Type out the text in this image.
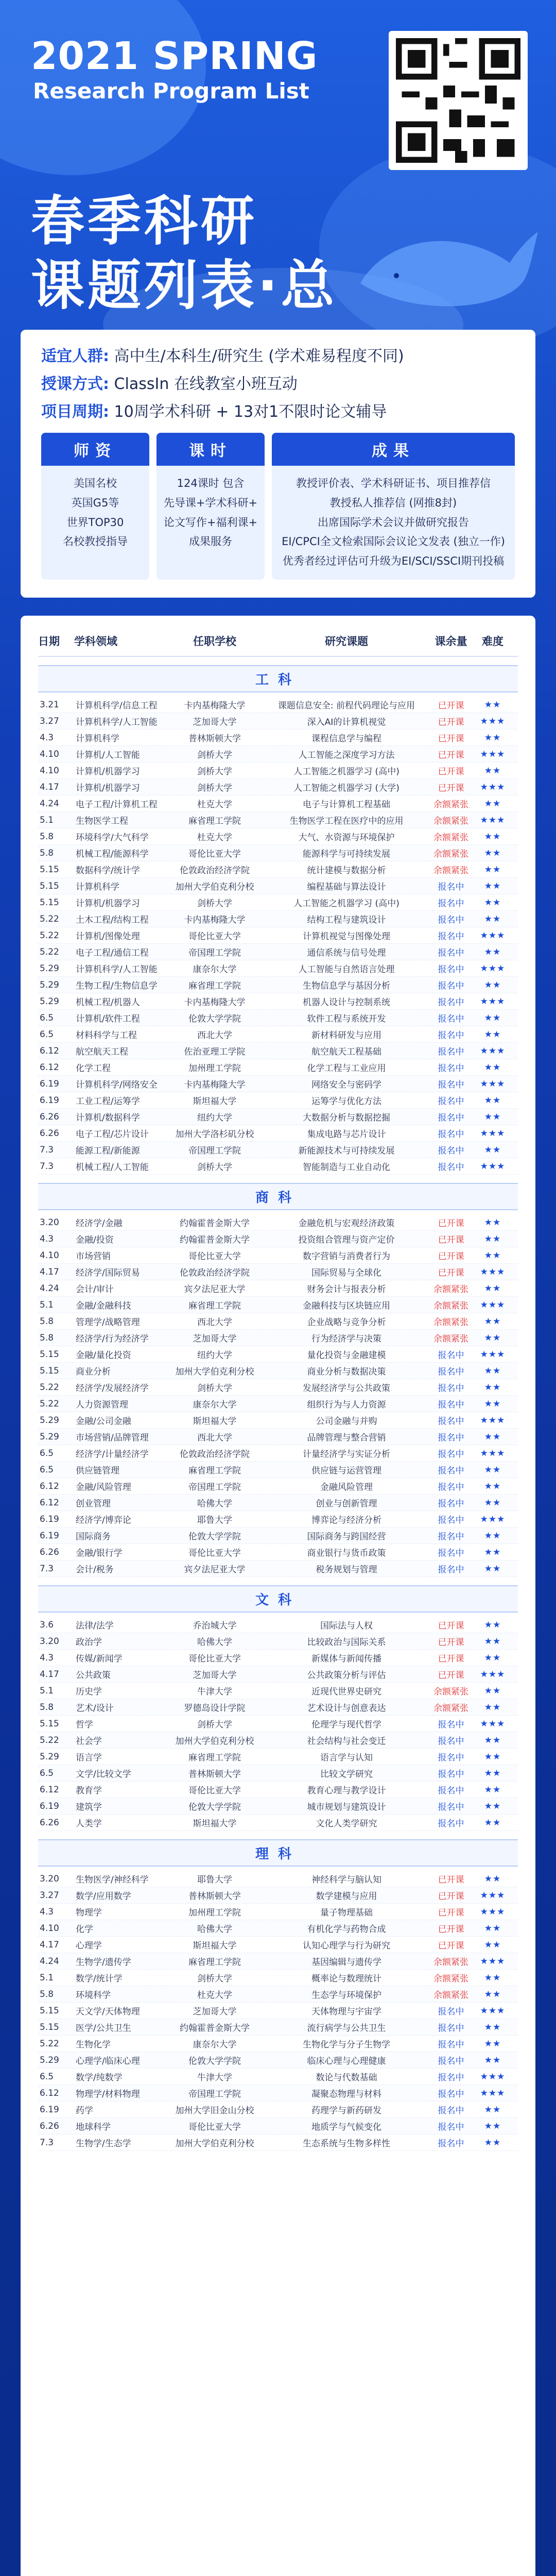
2021 SPRING
Research Program List
春季科研
课题列表·总
适宜人群: 高中生/本科生/研究生 (学术难易程度不同)
授课方式: ClassIn 在线教室小班互动
项目周期: 10周学术科研 + 13对1不限时论文辅导
师资
美国名校
英国G5等
世界TOP30
名校教授指导
课时
124课时 包含
先导课+学术科研+
论文写作+福利课+
成果服务
成果
教授评价表、学术科研证书、项目推荐信
教授私人推荐信 (网推8封)
出席国际学术会议并做研究报告
EI/CPCI全文检索国际会议论文发表 (独立一作)
优秀者经过评估可升级为EI/SCI/SSCI期刊投稿
日期	学科领域	任职学校	研究课题	课余量	难度
工科
3.21	计算机科学/信息工程	卡内基梅隆大学	课题信息安全: 前程代码理论与应用	已开课	★★
3.27	计算机科学/人工智能	芝加哥大学	深入AI的计算机视觉	已开课	★★★
4.3	计算机科学	普林斯顿大学	课程信息学与编程	已开课	★★
4.10	计算机/人工智能	剑桥大学	人工智能之深度学习方法	已开课	★★★
4.10	计算机/机器学习	剑桥大学	人工智能之机器学习 (高中)	已开课	★★
4.17	计算机/机器学习	剑桥大学	人工智能之机器学习 (大学)	已开课	★★★
4.24	电子工程/计算机工程	杜克大学	电子与计算机工程基础	余额紧张	★★
5.1	生物医学工程	麻省理工学院	生物医学工程在医疗中的应用	余额紧张	★★★
5.8	环境科学/大气科学	杜克大学	大气、水资源与环境保护	余额紧张	★★
5.8	机械工程/能源科学	哥伦比亚大学	能源科学与可持续发展	余额紧张	★★
5.15	数据科学/统计学	伦敦政治经济学院	统计建模与数据分析	余额紧张	★★
5.15	计算机科学	加州大学伯克利分校	编程基础与算法设计	报名中	★★
5.15	计算机/机器学习	剑桥大学	人工智能之机器学习 (高中)	报名中	★★
5.22	土木工程/结构工程	卡内基梅隆大学	结构工程与建筑设计	报名中	★★
5.22	计算机/图像处理	哥伦比亚大学	计算机视觉与图像处理	报名中	★★★
5.22	电子工程/通信工程	帝国理工学院	通信系统与信号处理	报名中	★★
5.29	计算机科学/人工智能	康奈尔大学	人工智能与自然语言处理	报名中	★★★
5.29	生物工程/生物信息学	麻省理工学院	生物信息学与基因分析	报名中	★★
5.29	机械工程/机器人	卡内基梅隆大学	机器人设计与控制系统	报名中	★★★
6.5	计算机/软件工程	伦敦大学学院	软件工程与系统开发	报名中	★★
6.5	材料科学与工程	西北大学	新材料研发与应用	报名中	★★
6.12	航空航天工程	佐治亚理工学院	航空航天工程基础	报名中	★★★
6.12	化学工程	加州理工学院	化学工程与工业应用	报名中	★★
6.19	计算机科学/网络安全	卡内基梅隆大学	网络安全与密码学	报名中	★★★
6.19	工业工程/运筹学	斯坦福大学	运筹学与优化方法	报名中	★★
6.26	计算机/数据科学	纽约大学	大数据分析与数据挖掘	报名中	★★
6.26	电子工程/芯片设计	加州大学洛杉矶分校	集成电路与芯片设计	报名中	★★★
7.3	能源工程/新能源	帝国理工学院	新能源技术与可持续发展	报名中	★★
7.3	机械工程/人工智能	剑桥大学	智能制造与工业自动化	报名中	★★★
商科
3.20	经济学/金融	约翰霍普金斯大学	金融危机与宏观经济政策	已开课	★★
4.3	金融/投资	约翰霍普金斯大学	投资组合管理与资产定价	已开课	★★
4.10	市场营销	哥伦比亚大学	数字营销与消费者行为	已开课	★★
4.17	经济学/国际贸易	伦敦政治经济学院	国际贸易与全球化	已开课	★★★
4.24	会计/审计	宾夕法尼亚大学	财务会计与报表分析	余额紧张	★★
5.1	金融/金融科技	麻省理工学院	金融科技与区块链应用	余额紧张	★★★
5.8	管理学/战略管理	西北大学	企业战略与竞争分析	余额紧张	★★
5.8	经济学/行为经济学	芝加哥大学	行为经济学与决策	余额紧张	★★
5.15	金融/量化投资	纽约大学	量化投资与金融建模	报名中	★★★
5.15	商业分析	加州大学伯克利分校	商业分析与数据决策	报名中	★★
5.22	经济学/发展经济学	剑桥大学	发展经济学与公共政策	报名中	★★
5.22	人力资源管理	康奈尔大学	组织行为与人力资源	报名中	★★
5.29	金融/公司金融	斯坦福大学	公司金融与并购	报名中	★★★
5.29	市场营销/品牌管理	西北大学	品牌管理与整合营销	报名中	★★
6.5	经济学/计量经济学	伦敦政治经济学院	计量经济学与实证分析	报名中	★★★
6.5	供应链管理	麻省理工学院	供应链与运营管理	报名中	★★
6.12	金融/风险管理	帝国理工学院	金融风险管理	报名中	★★
6.12	创业管理	哈佛大学	创业与创新管理	报名中	★★
6.19	经济学/博弈论	耶鲁大学	博弈论与经济分析	报名中	★★★
6.19	国际商务	伦敦大学学院	国际商务与跨国经营	报名中	★★
6.26	金融/银行学	哥伦比亚大学	商业银行与货币政策	报名中	★★
7.3	会计/税务	宾夕法尼亚大学	税务规划与管理	报名中	★★
文科
3.6	法律/法学	乔治城大学	国际法与人权	已开课	★★
3.20	政治学	哈佛大学	比较政治与国际关系	已开课	★★
4.3	传媒/新闻学	哥伦比亚大学	新媒体与新闻传播	已开课	★★
4.17	公共政策	芝加哥大学	公共政策分析与评估	已开课	★★★
5.1	历史学	牛津大学	近现代世界史研究	余额紧张	★★
5.8	艺术/设计	罗德岛设计学院	艺术设计与创意表达	余额紧张	★★
5.15	哲学	剑桥大学	伦理学与现代哲学	报名中	★★★
5.22	社会学	加州大学伯克利分校	社会结构与社会变迁	报名中	★★
5.29	语言学	麻省理工学院	语言学与认知	报名中	★★
6.5	文学/比较文学	普林斯顿大学	比较文学研究	报名中	★★
6.12	教育学	哥伦比亚大学	教育心理与教学设计	报名中	★★
6.19	建筑学	伦敦大学学院	城市规划与建筑设计	报名中	★★
6.26	人类学	斯坦福大学	文化人类学研究	报名中	★★
理科
3.20	生物医学/神经科学	耶鲁大学	神经科学与脑认知	已开课	★★
3.27	数学/应用数学	普林斯顿大学	数学建模与应用	已开课	★★★
4.3	物理学	加州理工学院	量子物理基础	已开课	★★★
4.10	化学	哈佛大学	有机化学与药物合成	已开课	★★
4.17	心理学	斯坦福大学	认知心理学与行为研究	已开课	★★
4.24	生物学/遗传学	麻省理工学院	基因编辑与遗传学	余额紧张	★★★
5.1	数学/统计学	剑桥大学	概率论与数理统计	余额紧张	★★
5.8	环境科学	杜克大学	生态学与环境保护	余额紧张	★★
5.15	天文学/天体物理	芝加哥大学	天体物理与宇宙学	报名中	★★★
5.15	医学/公共卫生	约翰霍普金斯大学	流行病学与公共卫生	报名中	★★
5.22	生物化学	康奈尔大学	生物化学与分子生物学	报名中	★★
5.29	心理学/临床心理	伦敦大学学院	临床心理与心理健康	报名中	★★
6.5	数学/纯数学	牛津大学	数论与代数基础	报名中	★★★
6.12	物理学/材料物理	帝国理工学院	凝聚态物理与材料	报名中	★★★
6.19	药学	加州大学旧金山分校	药理学与新药研发	报名中	★★
6.26	地球科学	哥伦比亚大学	地质学与气候变化	报名中	★★
7.3	生物学/生态学	加州大学伯克利分校	生态系统与生物多样性	报名中	★★
